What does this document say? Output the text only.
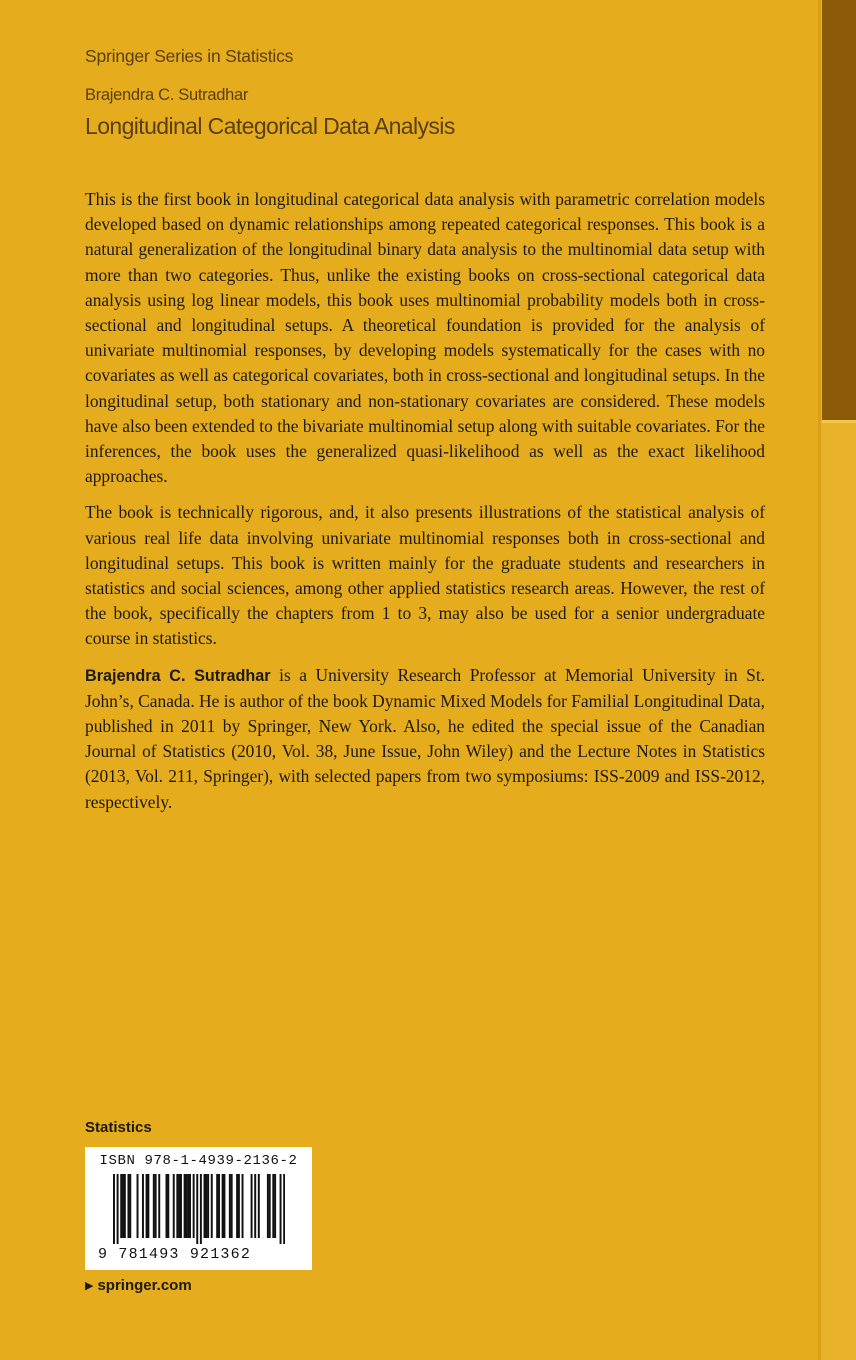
Springer Series in Statistics
Brajendra C. Sutradhar
Longitudinal Categorical Data Analysis

This is the first book in longitudinal categorical data analysis with parametric correlation models developed based on dynamic relationships among repeated categorical responses. This book is a natural generalization of the longitudinal binary data analysis to the multinomial data setup with more than two categories. Thus, unlike the existing books on cross-sectional categorical data analysis using log linear models, this book uses multinomial probability models both in cross-sectional and longitudinal setups. A theoretical foundation is provided for the analysis of univariate multinomial responses, by developing models systematically for the cases with no covariates as well as categorical covariates, both in cross-sectional and longitudinal setups. In the longitudinal setup, both stationary and non-stationary covariates are considered. These models have also been extended to the bivariate multinomial setup along with suitable covariates. For the inferences, the book uses the generalized quasi-likelihood as well as the exact likelihood approaches.

The book is technically rigorous, and, it also presents illustrations of the statistical analysis of various real life data involving univariate multinomial responses both in cross-sectional and longitudinal setups. This book is written mainly for the graduate students and researchers in statistics and social sciences, among other applied statistics research areas. However, the rest of the book, specifically the chapters from 1 to 3, may also be used for a senior undergraduate course in statistics.

Brajendra C. Sutradhar is a University Research Professor at Memorial University in St. John’s, Canada. He is author of the book Dynamic Mixed Models for Familial Longitudinal Data, published in 2011 by Springer, New York. Also, he edited the special issue of the Canadian Journal of Statistics (2010, Vol. 38, June Issue, John Wiley) and the Lecture Notes in Statistics (2013, Vol. 211, Springer), with selected papers from two symposiums: ISS-2009 and ISS-2012, respectively.

Statistics
ISBN 978-1-4939-2136-2
9 781493 921362
▶ springer.com
